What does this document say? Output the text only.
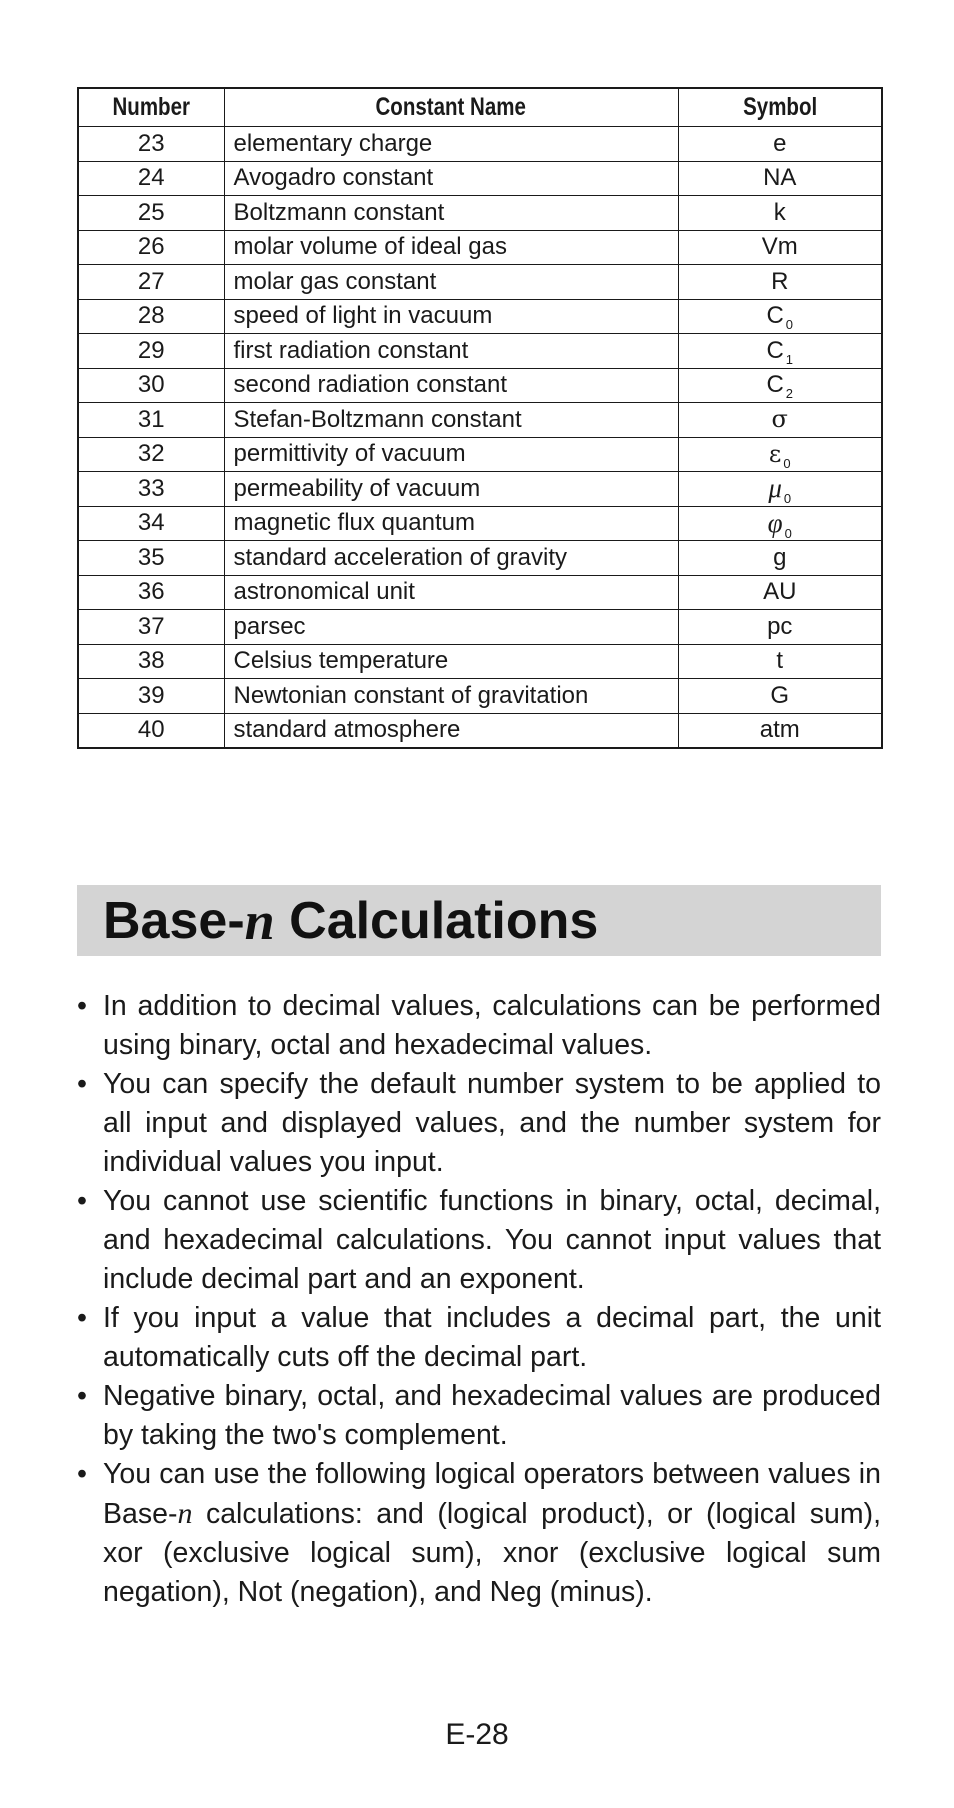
Number	Constant Name	Symbol
23	elementary charge	e
24	Avogadro constant	NA
25	Boltzmann constant	k
26	molar volume of ideal gas	Vm
27	molar gas constant	R
28	speed of light in vacuum	C $_0$
29	first radiation constant	C $_1$
30	second radiation constant	C $_2$
31	Stefan-Boltzmann constant	σ
32	permittivity of vacuum	ε $_0$
33	permeability of vacuum	μ $_0$
34	magnetic flux quantum	φ $_0$
35	standard acceleration of gravity	g
36	astronomical unit	AU
37	parsec	pc
38	Celsius temperature	t
39	Newtonian constant of gravitation	G
40	standard atmosphere	atm
Base- n Calculations
• In addition to decimal values, calculations can be performed using binary, octal and hexadecimal values.
• You can specify the default number system to be applied to all input and displayed values, and the number system for individual values you input.
• You cannot use scientific functions in binary, octal, decimal, and hexadecimal calculations. You cannot input values that include decimal part and an exponent.
• If you input a value that includes a decimal part, the unit automatically cuts off the decimal part.
• Negative binary, octal, and hexadecimal values are produced by taking the two's complement.
• You can use the following logical operators between values in Base-n calculations: and (logical product), or (logical sum), xor (exclusive logical sum), xnor (exclusive logical sum negation), Not (negation), and Neg (minus).
E-28
